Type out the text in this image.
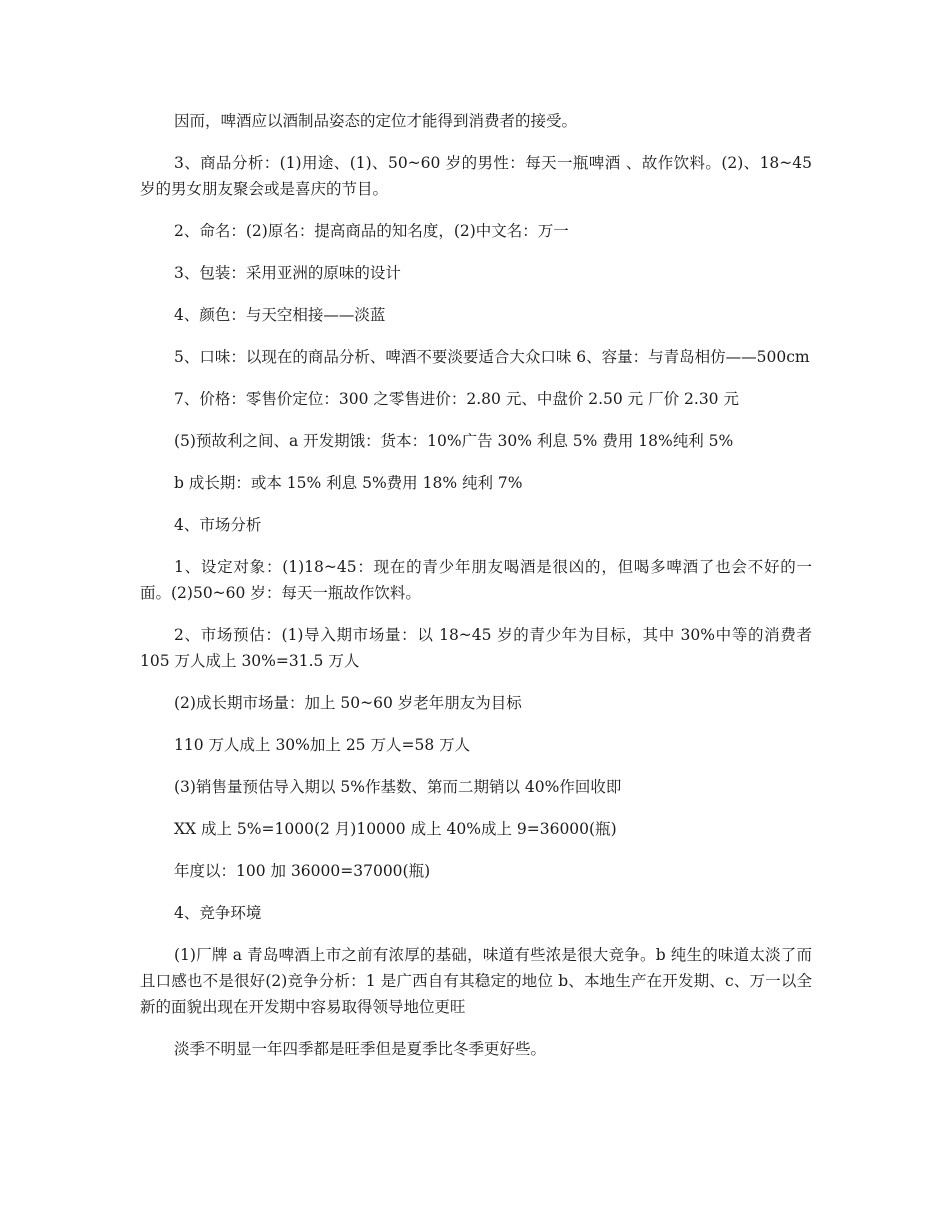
因而，啤酒应以酒制品姿态的定位才能得到消费者的接受。

3、商品分析：(1)用途、(1)、50~60 岁的男性：每天一瓶啤酒 、故作饮料。(2)、18~45 岁的男女朋友聚会或是喜庆的节目。

2、命名：(2)原名：提高商品的知名度，(2)中文名：万一

3、包装：采用亚洲的原味的设计

4、颜色：与天空相接——淡蓝

5、口味：以现在的商品分析、啤酒不要淡要适合大众口味 6、容量：与青岛相仿——500cm

7、价格：零售价定位：300 之零售进价：2.80 元、中盘价 2.50 元 厂价 2.30 元

(5)预故利之间、a 开发期饿：货本：10%广告 30% 利息 5% 费用 18%纯利 5%

b 成长期：或本 15% 利息 5%费用 18% 纯利 7%

4、市场分析

1、设定对象：(1)18~45：现在的青少年朋友喝酒是很凶的，但喝多啤酒了也会不好的一面。(2)50~60 岁：每天一瓶故作饮料。

2、市场预估：(1)导入期市场量：以 18~45 岁的青少年为目标，其中 30%中等的消费者 105 万人成上 30%=31.5 万人

(2)成长期市场量：加上 50~60 岁老年朋友为目标

110 万人成上 30%加上 25 万人=58 万人

(3)销售量预估导入期以 5%作基数、第而二期销以 40%作回收即

XX 成上 5%=1000(2 月)10000 成上 40%成上 9=36000(瓶)

年度以：100 加 36000=37000(瓶)

4、竞争环境

(1)厂牌 a 青岛啤酒上市之前有浓厚的基础，味道有些浓是很大竞争。b 纯生的味道太淡了而且口感也不是很好(2)竞争分析：1 是广西自有其稳定的地位 b、本地生产在开发期、c、万一以全新的面貌出现在开发期中容易取得领导地位更旺

淡季不明显一年四季都是旺季但是夏季比冬季更好些。
